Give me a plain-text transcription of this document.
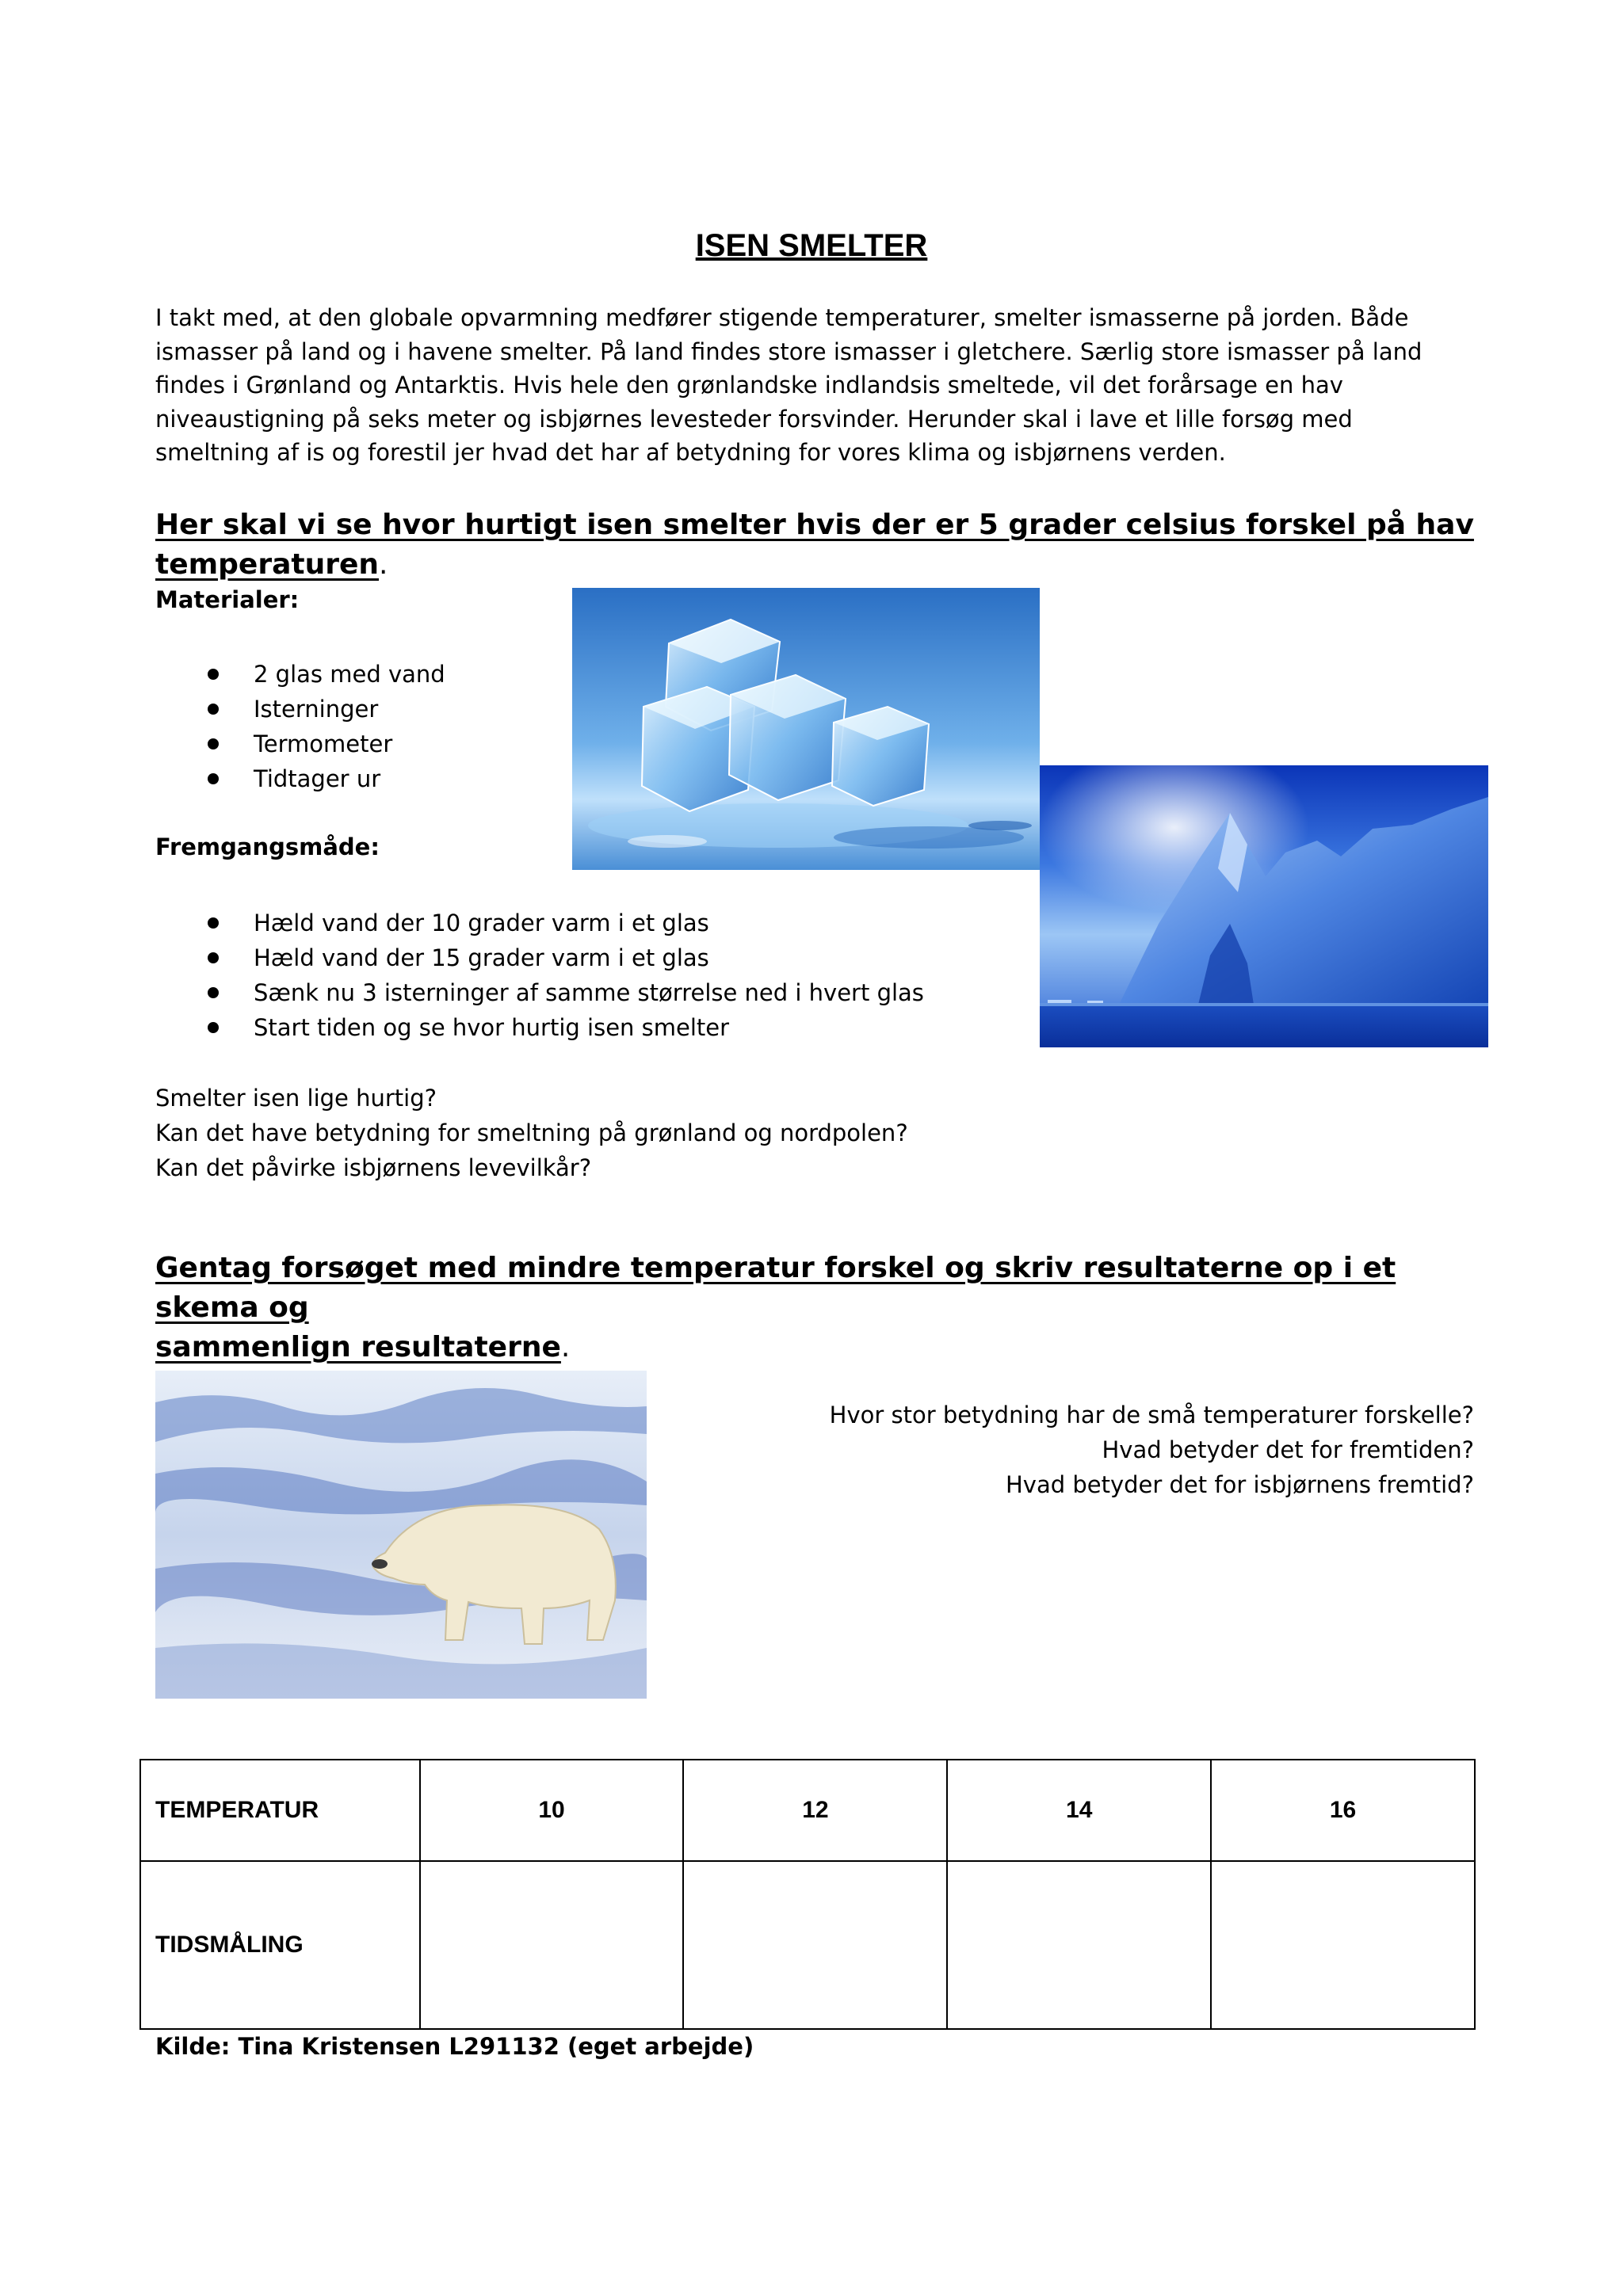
ISEN SMELTER
I takt med, at den globale opvarmning medfører stigende temperaturer, smelter ismasserne på jorden. Både ismasser på land og i havene smelter. På land findes store ismasser i gletchere. Særlig store ismasser på land findes i Grønland og Antarktis. Hvis hele den grønlandske indlandsis smeltede, vil det forårsage en hav niveaustigning på seks meter og isbjørnes levesteder forsvinder. Herunder skal i lave et lille forsøg med smeltning af is og forestil jer hvad det har af betydning for vores klima og isbjørnens verden.
Her skal vi se hvor hurtigt isen smelter hvis der er 5 grader celsius forskel på hav temperaturen.
Materialer:
2 glas med vand
Isterninger
Termometer
Tidtager ur
Fremgangsmåde:
Hæld vand der 10 grader varm i et glas
Hæld vand der 15 grader varm i et glas
Sænk nu 3 isterninger af samme størrelse ned i hvert glas
Start tiden og se hvor hurtig isen smelter
Smelter isen lige hurtig?
Kan det have betydning for smeltning på grønland og nordpolen?
Kan det påvirke isbjørnens levevilkår?
Gentag forsøget med mindre temperatur forskel og skriv resultaterne op i et skema og
sammenlign resultaterne.
Hvor stor betydning har de små temperaturer forskelle?
Hvad betyder det for fremtiden?
Hvad betyder det for isbjørnens fremtid?
TEMPERATUR	10	12	14	16
TIDSMÅLING				
Kilde: Tina Kristensen L291132 (eget arbejde)
